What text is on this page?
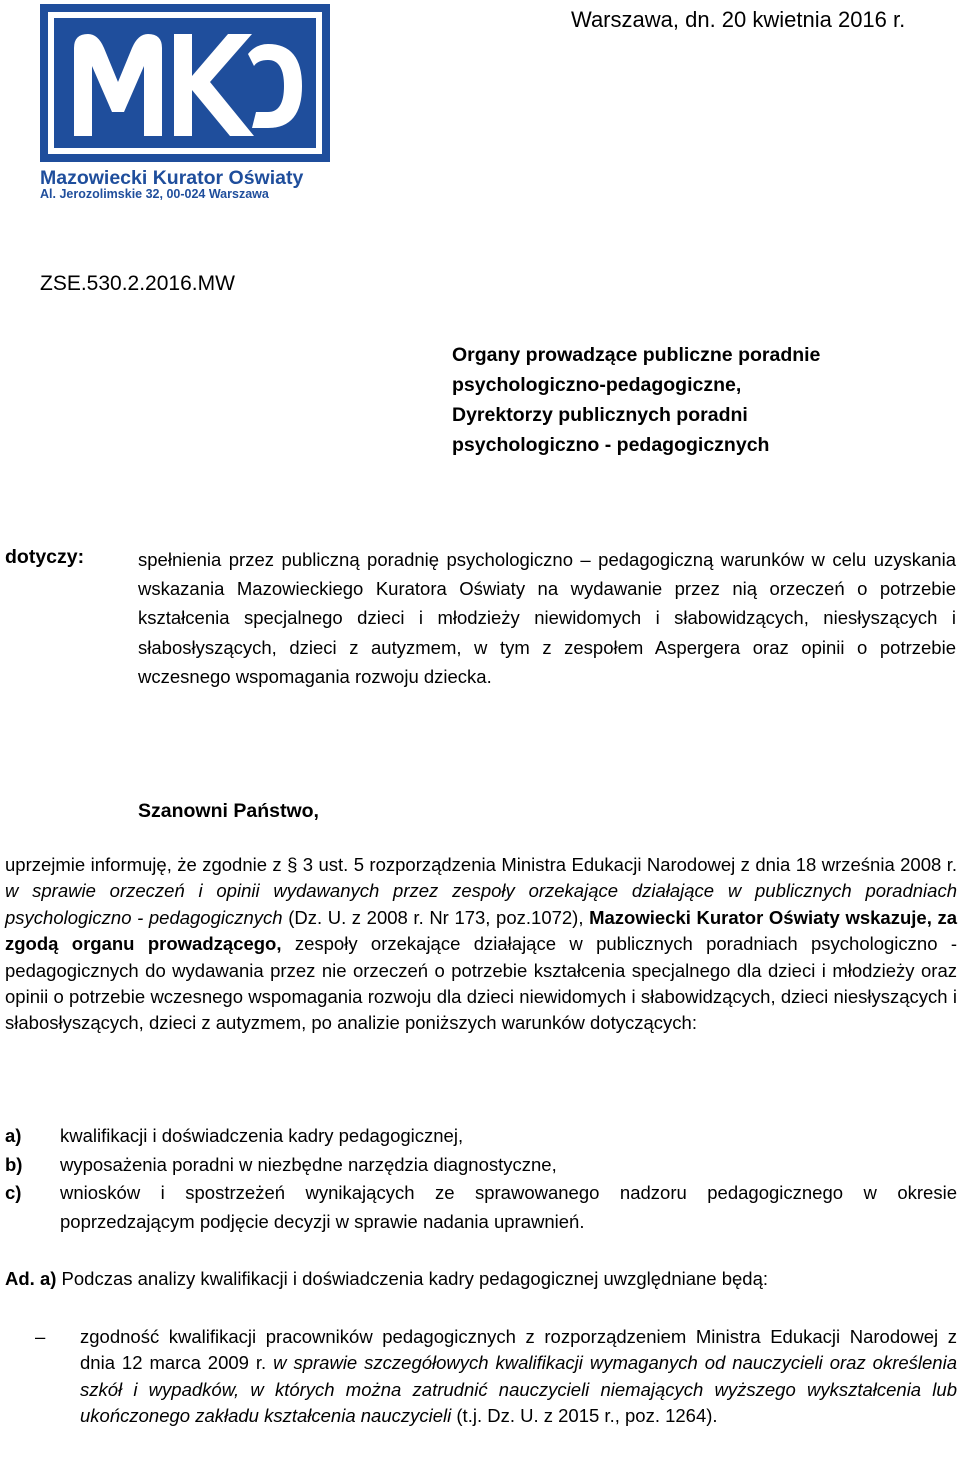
Mazowiecki Kurator Oświaty
Al. Jerozolimskie 32, 00-024 Warszawa
Warszawa, dn. 20 kwietnia 2016 r.
ZSE.530.2.2016.MW
Organy prowadzące publiczne poradnie
psychologiczno-pedagogiczne,
Dyrektorzy publicznych poradni
psychologiczno - pedagogicznych
dotyczy:	spełnienia przez publiczną poradnię psychologiczno – pedagogiczną warunków w celu uzyskania wskazania Mazowieckiego Kuratora Oświaty na wydawanie przez nią orzeczeń o potrzebie kształcenia specjalnego dzieci i młodzieży niewidomych i słabowidzących, niesłyszących i słabosłyszących, dzieci z autyzmem, w tym z zespołem Aspergera oraz opinii o potrzebie wczesnego wspomagania rozwoju dziecka.
Szanowni Państwo,
uprzejmie informuję, że zgodnie z § 3 ust. 5 rozporządzenia Ministra Edukacji Narodowej z dnia 18 września 2008 r. w sprawie orzeczeń i opinii wydawanych przez zespoły orzekające działające w publicznych poradniach psychologiczno - pedagogicznych (Dz. U. z 2008 r. Nr 173, poz.1072), Mazowiecki Kurator Oświaty wskazuje, za zgodą organu prowadzącego, zespoły orzekające działające w publicznych poradniach psychologiczno - pedagogicznych do wydawania przez nie orzeczeń o potrzebie kształcenia specjalnego dla dzieci i młodzieży oraz opinii o potrzebie wczesnego wspomagania rozwoju dla dzieci niewidomych i słabowidzących, dzieci niesłyszących i słabosłyszących, dzieci z autyzmem, po analizie poniższych warunków dotyczących:
a)	kwalifikacji i doświadczenia kadry pedagogicznej,
b)	wyposażenia poradni w niezbędne narzędzia diagnostyczne,
c)	wniosków i spostrzeżeń wynikających ze sprawowanego nadzoru pedagogicznego w okresie poprzedzającym podjęcie decyzji w sprawie nadania uprawnień.
Ad. a) Podczas analizy kwalifikacji i doświadczenia kadry pedagogicznej uwzględniane będą:
–	zgodność kwalifikacji pracowników pedagogicznych z rozporządzeniem Ministra Edukacji Narodowej z dnia 12 marca 2009 r. w sprawie szczegółowych kwalifikacji wymaganych od nauczycieli oraz określenia szkół i wypadków, w których można zatrudnić nauczycieli niemających wyższego wykształcenia lub ukończonego zakładu kształcenia nauczycieli (t.j. Dz. U. z 2015 r., poz. 1264).
